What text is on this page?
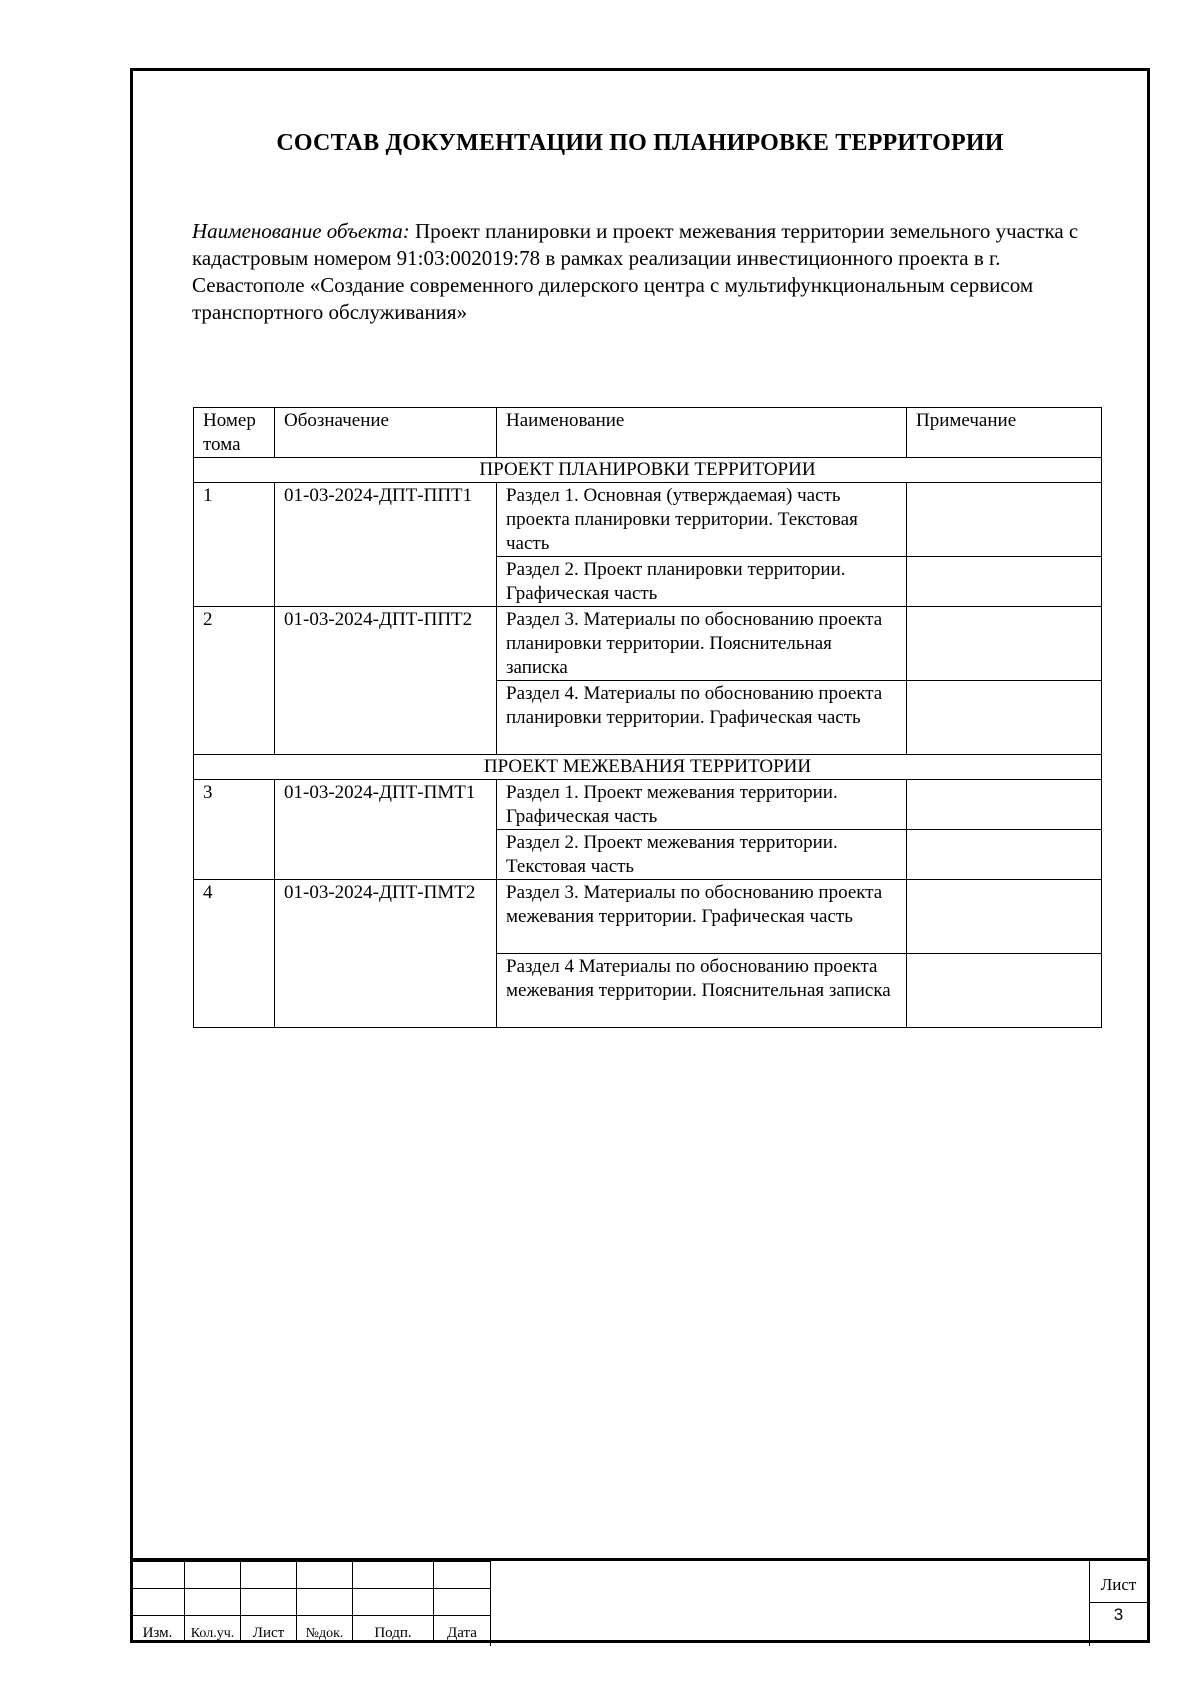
СОСТАВ ДОКУМЕНТАЦИИ ПО ПЛАНИРОВКЕ ТЕРРИТОРИИ
Наименование объекта: Проект планировки и проект межевания территории земельного участка с кадастровым номером 91:03:002019:78 в рамках реализации инвестиционного проекта в г. Севастополе «Создание современного дилерского центра с мультифункциональным сервисом транспортного обслуживания»
Номер тома	Обозначение	Наименование	Примечание
ПРОЕКТ ПЛАНИРОВКИ ТЕРРИТОРИИ			
1	01-03-2024-ДПТ-ППТ1	Раздел 1. Основная (утверждаемая) часть проекта планировки территории. Текстовая часть	
		Раздел 2. Проект планировки территории. Графическая часть	
2	01-03-2024-ДПТ-ППТ2	Раздел 3. Материалы по обоснованию проекта планировки территории. Пояснительная записка	
		Раздел 4. Материалы по обоснованию проекта планировки территории. Графическая часть	
ПРОЕКТ МЕЖЕВАНИЯ ТЕРРИТОРИИ			
3	01-03-2024-ДПТ-ПМТ1	Раздел 1. Проект межевания территории. Графическая часть	
		Раздел 2. Проект межевания территории. Текстовая часть	
4	01-03-2024-ДПТ-ПМТ2	Раздел 3. Материалы по обоснованию проекта межевания территории. Графическая часть	
		Раздел 4 Материалы по обоснованию проекта межевания территории. Пояснительная записка	

Изм.	Кол.уч.	Лист	№док.	Подп.	Дата
Лист
3
